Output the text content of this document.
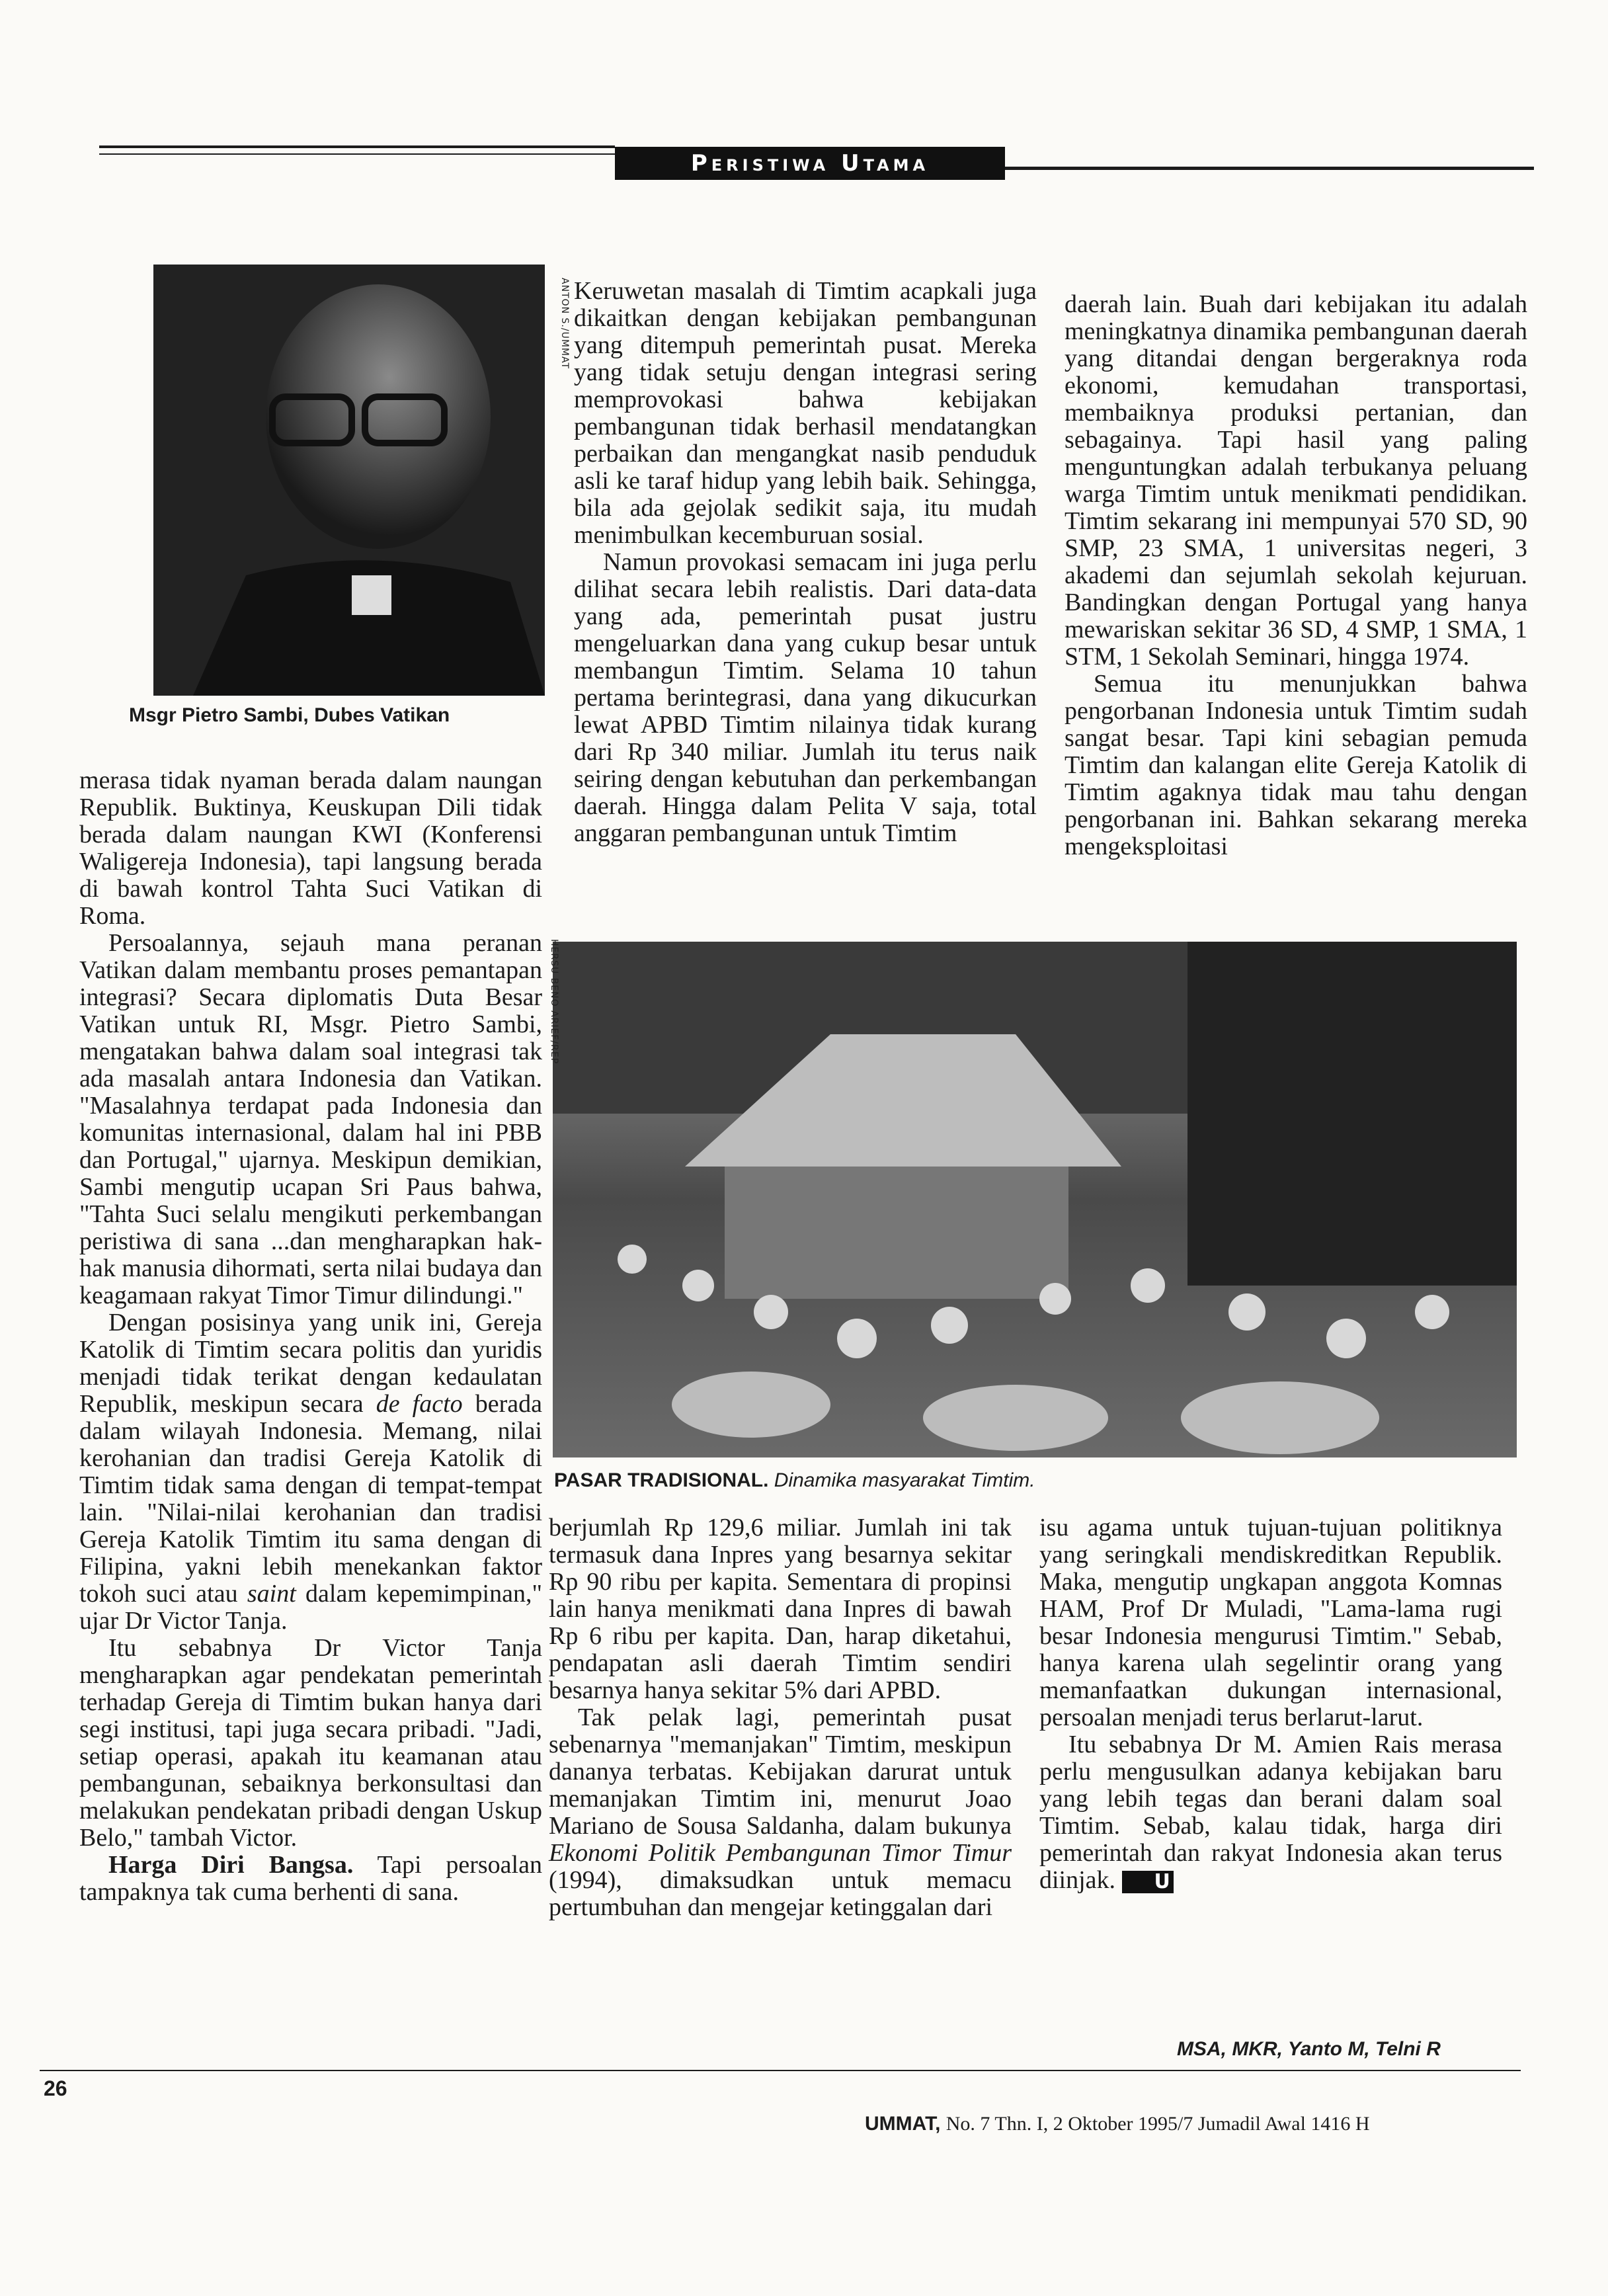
Peristiwa Utama
ANTON S./UMMAT
Msgr Pietro Sambi, Dubes Vatikan

merasa tidak nyaman berada dalam naungan Republik. Buktinya, Keuskupan Dili tidak berada dalam naungan KWI (Konferensi Waligereja Indonesia), tapi langsung berada di bawah kontrol Tahta Suci Vatikan di Roma.

Persoalannya, sejauh mana peranan Vatikan dalam membantu proses pemantapan integrasi? Secara diplomatis Duta Besar Vatikan untuk RI, Msgr. Pietro Sambi, mengatakan bahwa dalam soal integrasi tak ada masalah antara Indonesia dan Vatikan. "Masalahnya terdapat pada Indonesia dan komunitas internasional, dalam hal ini PBB dan Portugal," ujarnya. Meskipun demikian, Sambi mengutip ucapan Sri Paus bahwa, "Tahta Suci selalu mengikuti perkembangan peristiwa di sana ...dan mengharapkan hak-hak manusia dihormati, serta nilai budaya dan keagamaan rakyat Timor Timur dilindungi."

Dengan posisinya yang unik ini, Gereja Katolik di Timtim secara politis dan yuridis menjadi tidak terikat dengan kedaulatan Republik, meskipun secara de facto berada dalam wilayah Indonesia. Memang, nilai kerohanian dan tradisi Gereja Katolik di Timtim tidak sama dengan di tempat-tempat lain. "Nilai-nilai kerohanian dan tradisi Gereja Katolik Timtim itu sama dengan di Filipina, yakni lebih menekankan faktor tokoh suci atau saint dalam kepemimpinan," ujar Dr Victor Tanja.

Itu sebabnya Dr Victor Tanja mengharapkan agar pendekatan pemerintah terhadap Gereja di Timtim bukan hanya dari segi institusi, tapi juga secara pribadi. "Jadi, setiap operasi, apakah itu keamanan atau pembangunan, sebaiknya berkonsultasi dan melakukan pendekatan pribadi dengan Uskup Belo," tambah Victor.

Harga Diri Bangsa. Tapi persoalan tampaknya tak cuma berhenti di sana.

Keruwetan masalah di Timtim acapkali juga dikaitkan dengan kebijakan pembangunan yang ditempuh pemerintah pusat. Mereka yang tidak setuju dengan integrasi sering memprovokasi bahwa kebijakan pembangunan tidak berhasil mendatangkan perbaikan dan mengangkat nasib penduduk asli ke taraf hidup yang lebih baik. Sehingga, bila ada gejolak sedikit saja, itu mudah menimbulkan kecemburuan sosial.

Namun provokasi semacam ini juga perlu dilihat secara lebih realistis. Dari data-data yang ada, pemerintah pusat justru mengeluarkan dana yang cukup besar untuk membangun Timtim. Selama 10 tahun pertama berintegrasi, dana yang dikucurkan lewat APBD Timtim nilainya tidak kurang dari Rp 340 miliar. Jumlah itu terus naik seiring dengan kebutuhan dan perkembangan daerah. Hingga dalam Pelita V saja, total anggaran pembangunan untuk Timtim

daerah lain. Buah dari kebijakan itu adalah meningkatnya dinamika pembangunan daerah yang ditandai dengan bergeraknya roda ekonomi, kemudahan transportasi, membaiknya produksi pertanian, dan sebagainya. Tapi hasil yang paling menguntungkan adalah terbukanya peluang warga Timtim untuk menikmati pendidikan. Timtim sekarang ini mempunyai 570 SD, 90 SMP, 23 SMA, 1 universitas negeri, 3 akademi dan sejumlah sekolah kejuruan. Bandingkan dengan Portugal yang hanya mewariskan sekitar 36 SD, 4 SMP, 1 SMA, 1 STM, 1 Sekolah Seminari, hingga 1974.

Semua itu menunjukkan bahwa pengorbanan Indonesia untuk Timtim sudah sangat besar. Tapi kini sebagian pemuda Timtim dan kalangan elite Gereja Katolik di Timtim agaknya tidak mau tahu dengan pengorbanan ini. Bahkan sekarang mereka mengeksploitasi

HERSU BENO ARIEF/REP
PASAR TRADISIONAL. Dinamika masyarakat Timtim.

berjumlah Rp 129,6 miliar. Jumlah ini tak termasuk dana Inpres yang besarnya sekitar Rp 90 ribu per kapita. Sementara di propinsi lain hanya menikmati dana Inpres di bawah Rp 6 ribu per kapita. Dan, harap diketahui, pendapatan asli daerah Timtim sendiri besarnya hanya sekitar 5% dari APBD.

Tak pelak lagi, pemerintah pusat sebenarnya "memanjakan" Timtim, meskipun dananya terbatas. Kebijakan darurat untuk memanjakan Timtim ini, menurut Joao Mariano de Sousa Saldanha, dalam bukunya Ekonomi Politik Pembangunan Timor Timur (1994), dimaksudkan untuk memacu pertumbuhan dan mengejar ketinggalan dari

isu agama untuk tujuan-tujuan politiknya yang seringkali mendiskreditkan Republik. Maka, mengutip ungkapan anggota Komnas HAM, Prof Dr Muladi, "Lama-lama rugi besar Indonesia mengurusi Timtim." Sebab, hanya karena ulah segelintir orang yang memanfaatkan dukungan internasional, persoalan menjadi terus berlarut-larut.

Itu sebabnya Dr M. Amien Rais merasa perlu mengusulkan adanya kebijakan baru yang lebih tegas dan berani dalam soal Timtim. Sebab, kalau tidak, harga diri pemerintah dan rakyat Indonesia akan terus diinjak. U

MSA, MKR, Yanto M, Telni R
26
UMMAT, No. 7 Thn. I, 2 Oktober 1995/7 Jumadil Awal 1416 H
